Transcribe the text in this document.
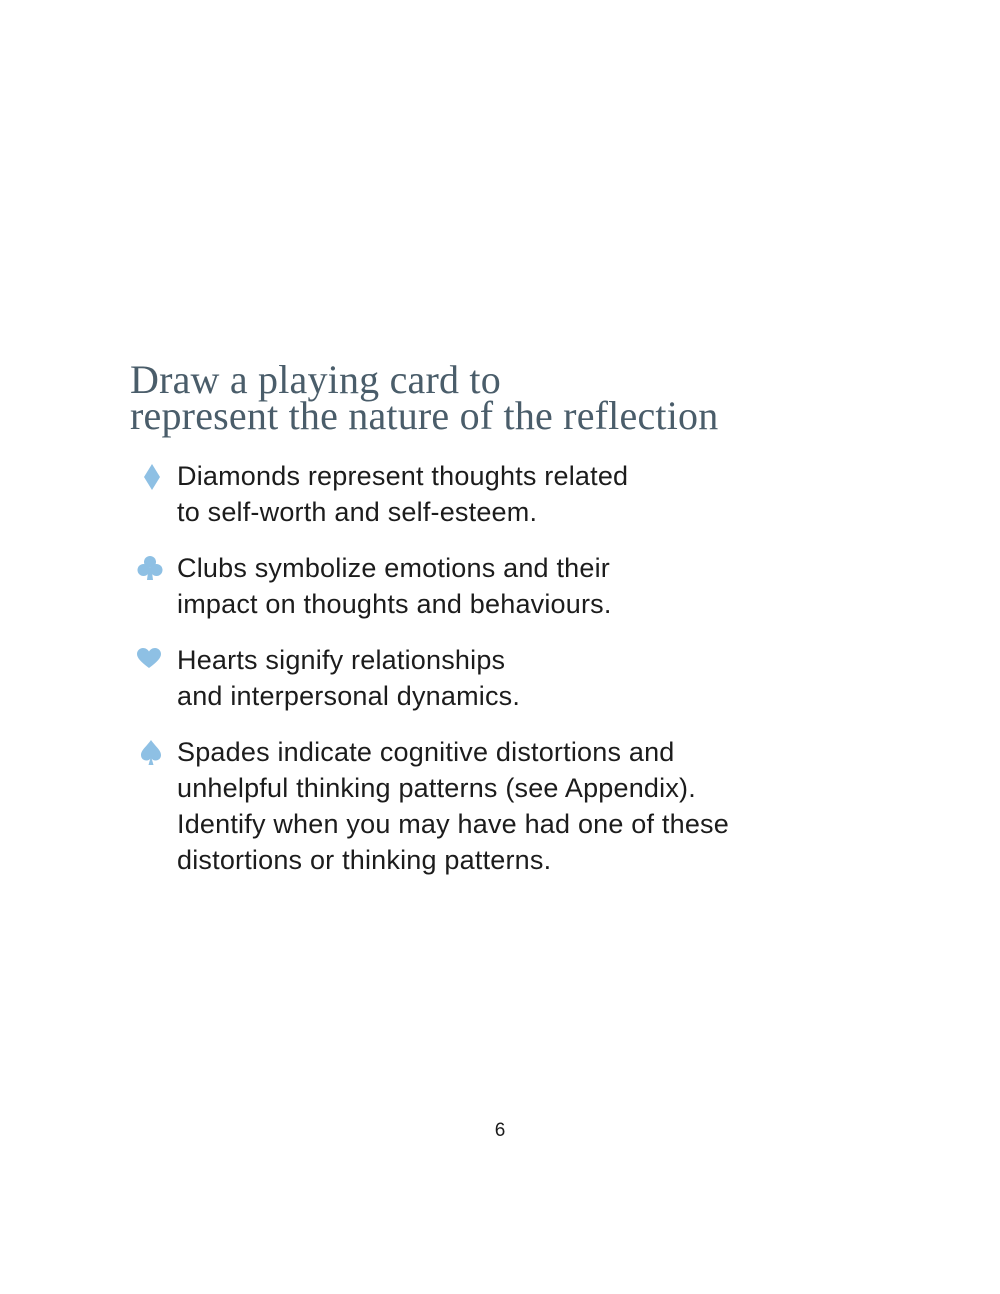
Draw a playing card to
represent the nature of the reflection
Diamonds represent thoughts related
to self-worth and self-esteem.
Clubs symbolize emotions and their
impact on thoughts and behaviours.
Hearts signify relationships
and interpersonal dynamics.
Spades indicate cognitive distortions and
unhelpful thinking patterns (see Appendix).
Identify when you may have had one of these
distortions or thinking patterns.
6
